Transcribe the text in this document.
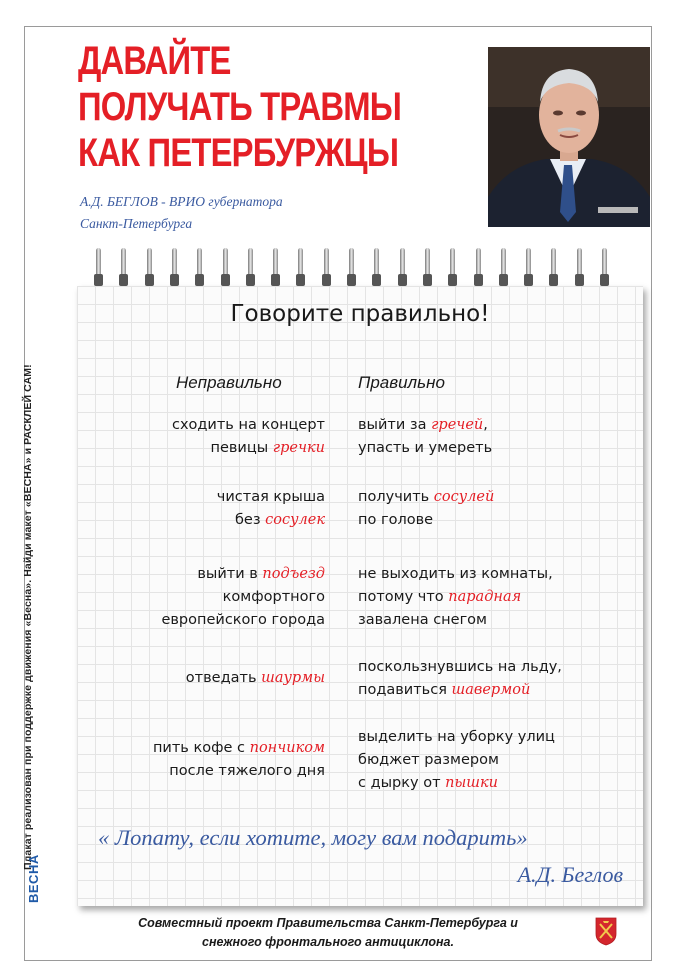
Плакат реализован при поддержке движения «Весна». Найди макет «ВЕСНА» и РАСКЛЕЙ САМ!
ВЕСНА
ДАВАЙТЕ
ПОЛУЧАТЬ ТРАВМЫ
КАК ПЕТЕРБУРЖЦЫ
А.Д. БЕГЛОВ - ВРИО губернатора
Санкт-Петербурга
Говорите правильно!
Неправильно	Правильно
сходить на концерт
певицы гречки
выйти за гречей,
упасть и умереть
чистая крыша
без сосулек
получить сосулей
по голове
выйти в подъезд
комфортного
европейского города
не выходить из комнаты,
потому что парадная
завалена снегом
отведать шаурмы
поскользнувшись на льду,
подавиться шавермой
пить кофе с пончиком
после тяжелого дня
выделить на уборку улиц
бюджет размером
с дырку от пышки
« Лопату, если хотите, могу вам подарить»
А.Д. Беглов
Совместный проект Правительства Санкт-Петербурга и
снежного фронтального антициклона.
